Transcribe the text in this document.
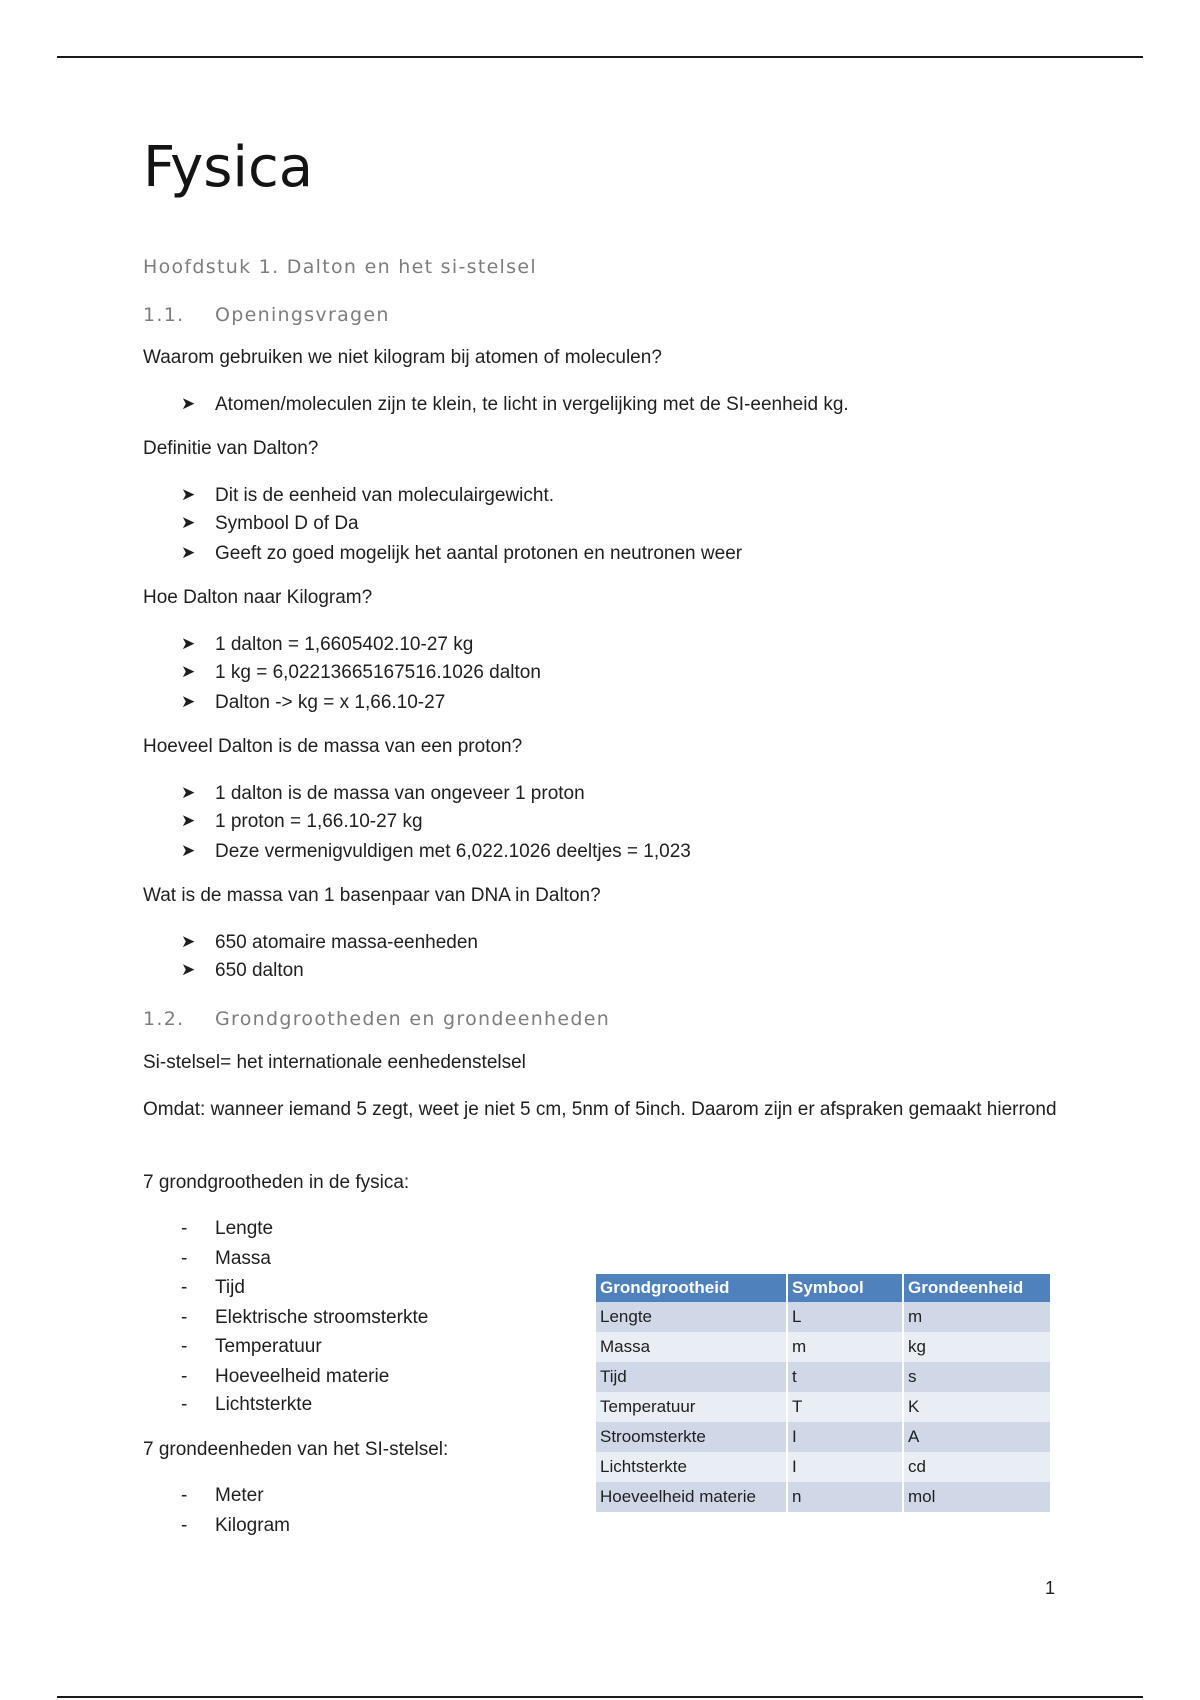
Fysica
Hoofdstuk 1. Dalton en het si-stelsel
1.1. Openingsvragen
Waarom gebruiken we niet kilogram bij atomen of moleculen?
➤ Atomen/moleculen zijn te klein, te licht in vergelijking met de SI-eenheid kg.
Definitie van Dalton?
➤ Dit is de eenheid van moleculairgewicht.
➤ Symbool D of Da
➤ Geeft zo goed mogelijk het aantal protonen en neutronen weer
Hoe Dalton naar Kilogram?
➤ 1 dalton = 1,6605402.10-27 kg
➤ 1 kg = 6,02213665167516.1026 dalton
➤ Dalton -> kg = x 1,66.10-27
Hoeveel Dalton is de massa van een proton?
➤ 1 dalton is de massa van ongeveer 1 proton
➤ 1 proton = 1,66.10-27 kg
➤ Deze vermenigvuldigen met 6,022.1026 deeltjes = 1,023
Wat is de massa van 1 basenpaar van DNA in Dalton?
➤ 650 atomaire massa-eenheden
➤ 650 dalton
1.2. Grondgrootheden en grondeenheden
Si-stelsel= het internationale eenhedenstelsel
Omdat: wanneer iemand 5 zegt, weet je niet 5 cm, 5nm of 5inch. Daarom zijn er afspraken gemaakt hierrond
7 grondgrootheden in de fysica:
- Lengte
- Massa
- Tijd
- Elektrische stroomsterkte
- Temperatuur
- Hoeveelheid materie
- Lichtsterkte
7 grondeenheden van het SI-stelsel:
- Meter
- Kilogram
Grondgrootheid	Symbool	Grondeenheid
Lengte	L	m
Massa	m	kg
Tijd	t	s
Temperatuur	T	K
Stroomsterkte	I	A
Lichtsterkte	I	cd
Hoeveelheid materie	n	mol
1
